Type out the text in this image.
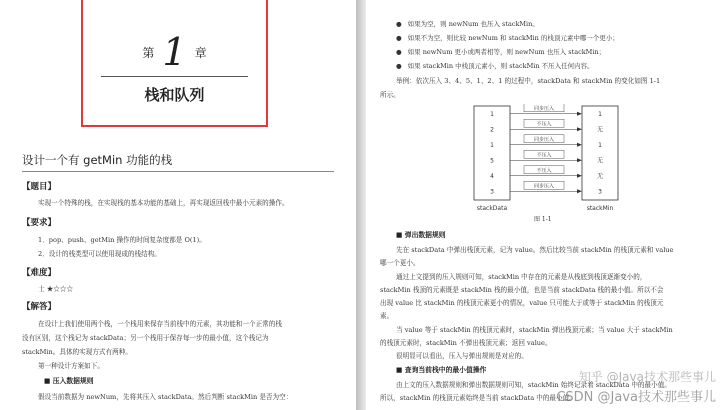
第 1 章
栈和队列
设计一个有 getMin 功能的栈
【题目】
实现一个特殊的栈，在实现栈的基本功能的基础上，再实现返回栈中最小元素的操作。
【要求】
1．pop、push、getMin 操作的时间复杂度都是 O(1)。
2．设计的栈类型可以使用现成的栈结构。
【难度】
士 ★☆☆☆
【解答】
在设计上我们使用两个栈，一个栈用来保存当前栈中的元素，其功能和一个正常的栈
没有区别，这个栈记为 stackData；另一个栈用于保存每一步的最小值，这个栈记为
stackMin。具体的实现方式有两种。
第一种设计方案如下。
■ 压入数据规则
假设当前数据为 newNum，先将其压入 stackData。然后判断 stackMin 是否为空：
● 如果为空，则 newNum 也压入 stackMin。
● 如果不为空，则比较 newNum 和 stackMin 的栈顶元素中哪一个更小；
● 如果 newNum 更小或两者相等，则 newNum 也压入 stackMin；
● 如果 stackMin 中栈顶元素小，则 stackMin 不压入任何内容。
举例：依次压入 3、4、5、1、2、1 的过程中，stackData 和 stackMin 的变化如图 1-1
所示。
1
同步压入
1
2
不压入
无
1
同步压入
1
5
不压入
无
4
不压入
无
3
同步压入
3
stackData	stackMin
图 1-1
■ 弹出数据规则
先在 stackData 中弹出栈顶元素，记为 value。然后比较当前 stackMin 的栈顶元素和 value
哪一个更小。
通过上文提到的压入规则可知，stackMin 中存在的元素是从栈底到栈顶逐渐变小的，
stackMin 栈顶的元素既是 stackMin 栈的最小值，也是当前 stackData 栈的最小值。所以不会
出现 value 比 stackMin 的栈顶元素更小的情况，value 只可能大于或等于 stackMin 的栈顶元
素。
当 value 等于 stackMin 的栈顶元素时，stackMin 弹出栈顶元素；当 value 大于 stackMin
的栈顶元素时，stackMin 不弹出栈顶元素；返回 value。
很明显可以看出，压入与弹出规则是对应的。
■ 查询当前栈中的最小值操作
由上文的压入数据规则和弹出数据规则可知，stackMin 始终记录着 stackData 中的最小值。
所以，stackMin 的栈顶元素始终是当前 stackData 中的最小值。
知乎 @Java技术那些事儿
CSDN @Java技术那些事儿
